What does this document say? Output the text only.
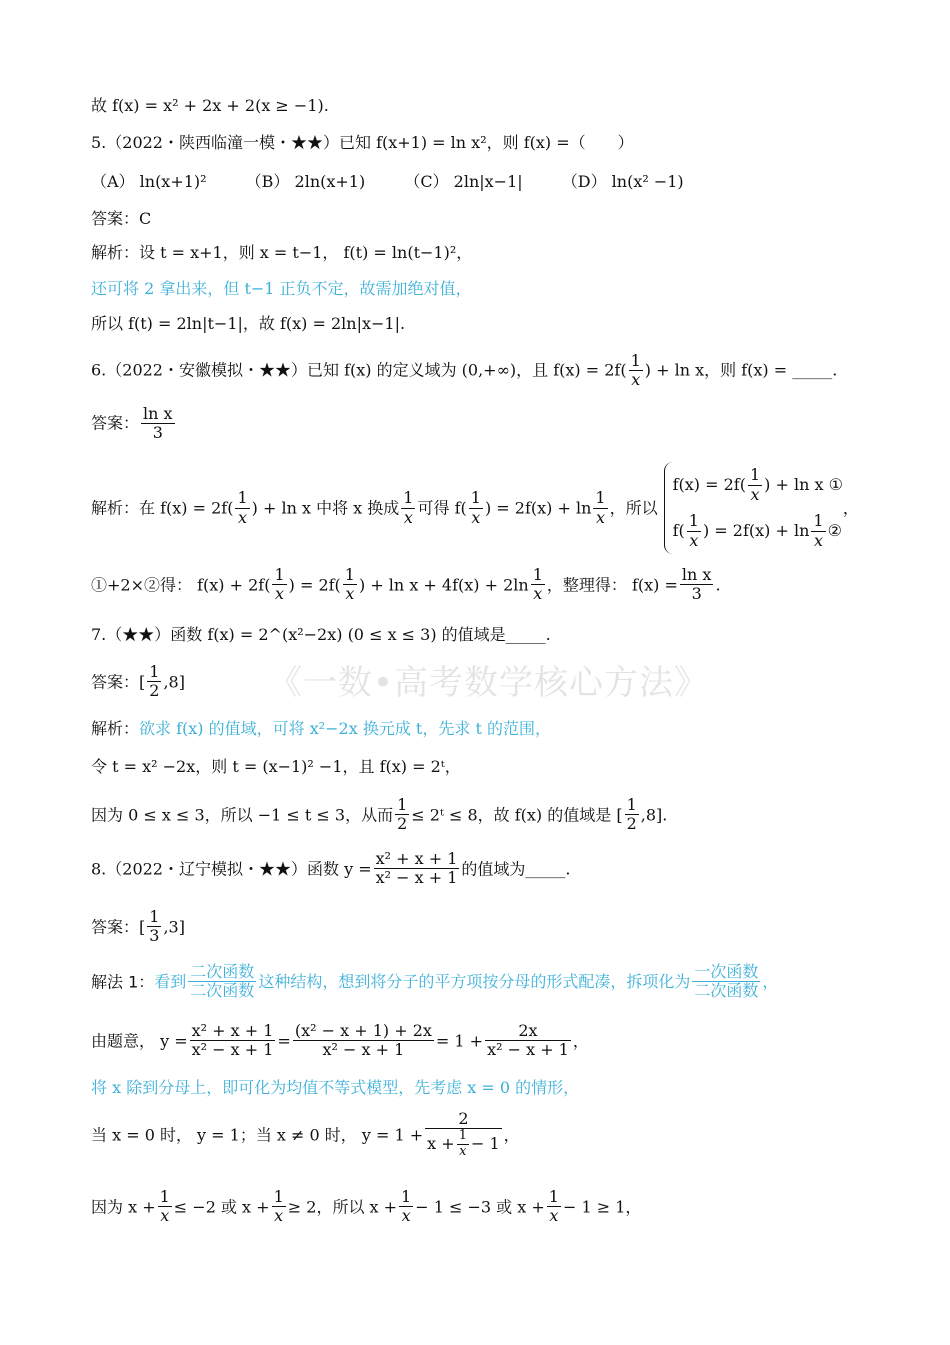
《一数•高考数学核心方法》
故 f(x) = x² + 2x + 2(x ≥ −1).
5.（2022・陕西临潼一模・★★）已知 f(x+1) = ln x²，则 f(x) =（　　）
（A） ln(x+1)² （B） 2ln(x+1) （C） 2ln|x−1| （D） ln(x² −1)
答案：C
解析：设 t = x+1，则 x = t−1， f(t) = ln(t−1)²，
还可将 2 拿出来，但 t−1 正负不定，故需加绝对值，
所以 f(t) = 2ln|t−1|，故 f(x) = 2ln|x−1|.
6.（2022・安徽模拟・★★）已知 f(x) 的定义域为 (0,+∞)，且 $f(x) = 2f( \frac{1}{x}$ ) + ln x，则 f(x) = _____.
答案： $\frac{\text{ln x}}{3}$
解析：在 $f(x) = 2f( \frac{1}{x}$ ) + ln x 中将 x 换成 $\frac{1}{x}$ 可得 $f( \frac{1}{x}$ ) = $2f(x) + \ln \frac{1}{x}$ ，所以
$f(x) = 2f( \frac{1}{x}$ ) + ln x ①
$f( \frac{1}{x}$ ) = $2f(x) + \ln \frac{1}{x}$ ②
，
①+2×②得： $f(x) + 2f( \frac{1}{x}$ ) = $2f( \frac{1}{x}$ ) + $\ln x + 4f(x) + 2\ln \frac{1}{x}$ ，整理得： $f(x) = \frac{\text{ln x}}{3}$ .
7.（★★）函数 f(x) = 2^(x²−2x) (0 ≤ x ≤ 3) 的值域是_____.
答案：[ $\frac{1}{2} ,8$]
解析：欲求 f(x) 的值域，可将 x²−2x 换元成 t，先求 t 的范围，
令 t = x² −2x，则 t = (x−1)² −1，且 f(x) = 2ᵗ，
因为 0 ≤ x ≤ 3，所以 −1 ≤ t ≤ 3，从而 $\frac{1}{2}$ ≤ 2ᵗ ≤ 8，故 f(x) 的值域是 [ $\frac{1}{2} ,8$].
8.（2022・辽宁模拟・★★）函数 $y = \frac{\text{x² + x + 1}}{\text{x² − x + 1}}$ 的值域为_____.
答案：[ $\frac{1}{3} ,3$]
解法 1：看到 $\frac{\text{二次函数}}{\text{二次函数}}$ 这种结构，想到将分子的平方项按分母的形式配凑，拆项化为 $\frac{\text{一次函数}}{\text{二次函数}}$ ，
由题意， $y = \frac{\text{x² + x + 1}}{\text{x² − x + 1}} = \frac{\text{(x² − x + 1) + 2x}}{\text{x² − x + 1}} = 1 + \frac{2x}{\text{x² − x + 1}}$ ，
将 x 除到分母上，即可化为均值不等式模型，先考虑 x = 0 的情形，
当 x = 0 时， y = 1；当 x ≠ 0 时， $y = 1 + \frac{2}{x + \frac{1}{x} - 1}$ ，
因为 $x + \frac{1}{x} \le -2$ 或 $x + \frac{1}{x} \ge 2$，所以 $x + \frac{1}{x} - 1 \le -3$ 或 $x + \frac{1}{x} - 1 \ge 1$，
